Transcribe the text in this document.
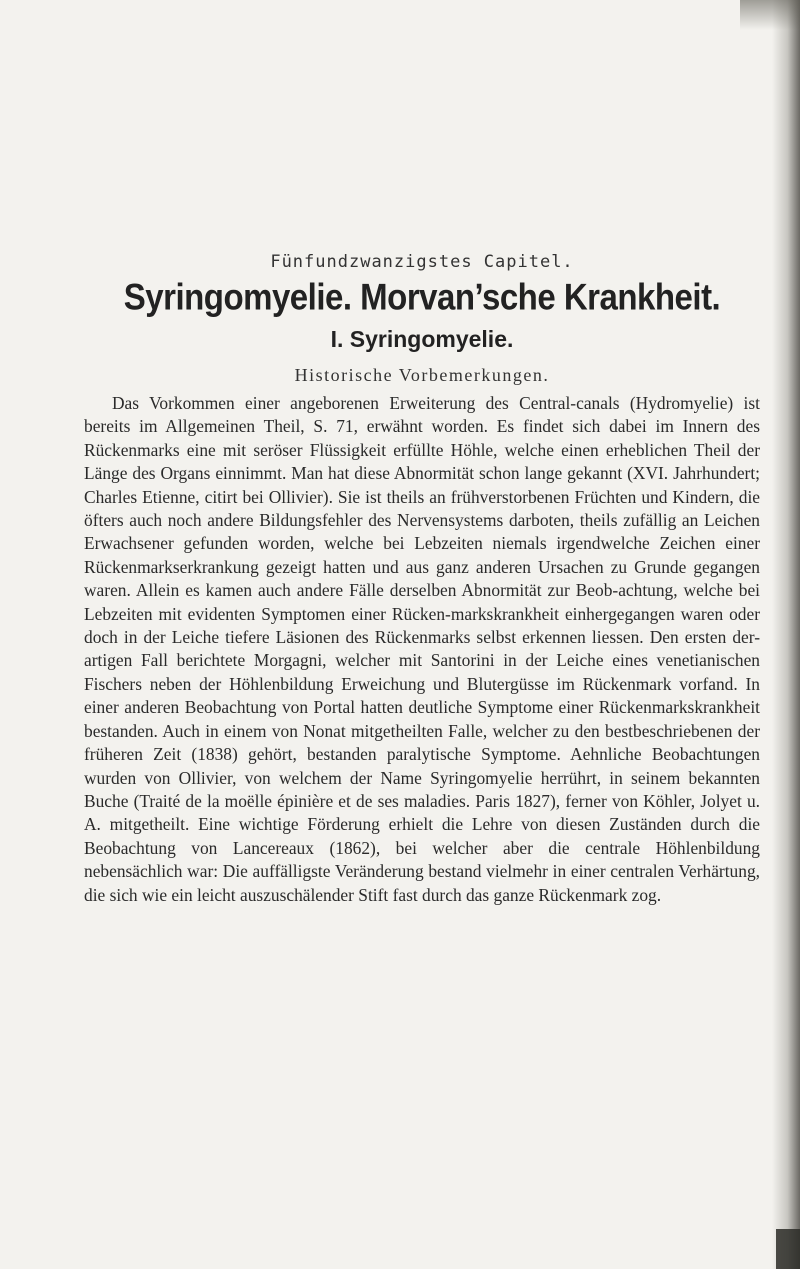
Fünfundzwanzigstes Capitel.
Syringomyelie. Morvan’sche Krankheit.
I. Syringomyelie.
Historische Vorbemerkungen.

Das Vorkommen einer angeborenen Erweiterung des Central-canals (Hydromyelie) ist bereits im Allgemeinen Theil, S. 71, erwähnt worden. Es findet sich dabei im Innern des Rückenmarks eine mit seröser Flüssigkeit erfüllte Höhle, welche einen erheblichen Theil der Länge des Organs einnimmt. Man hat diese Abnormität schon lange gekannt (XVI. Jahrhundert; Charles Etienne, citirt bei Ollivier). Sie ist theils an frühverstorbenen Früchten und Kindern, die öfters auch noch andere Bildungsfehler des Nervensystems darboten, theils zufällig an Leichen Erwachsener gefunden worden, welche bei Lebzeiten niemals irgendwelche Zeichen einer Rückenmarkserkrankung gezeigt hatten und aus ganz anderen Ursachen zu Grunde gegangen waren. Allein es kamen auch andere Fälle derselben Abnormität zur Beob-achtung, welche bei Lebzeiten mit evidenten Symptomen einer Rücken-markskrankheit einhergegangen waren oder doch in der Leiche tiefere Läsionen des Rückenmarks selbst erkennen liessen. Den ersten der-artigen Fall berichtete Morgagni, welcher mit Santorini in der Leiche eines venetianischen Fischers neben der Höhlenbildung Erweichung und Blutergüsse im Rückenmark vorfand. In einer anderen Beobachtung von Portal hatten deutliche Symptome einer Rückenmarkskrankheit bestanden. Auch in einem von Nonat mitgetheilten Falle, welcher zu den bestbeschriebenen der früheren Zeit (1838) gehört, bestanden paralytische Symptome. Aehnliche Beobachtungen wurden von Ollivier, von welchem der Name Syringomyelie herrührt, in seinem bekannten Buche (Traité de la moëlle épinière et de ses maladies. Paris 1827), ferner von Köhler, Jolyet u. A. mitgetheilt. Eine wichtige Förderung erhielt die Lehre von diesen Zuständen durch die Beobachtung von Lancereaux (1862), bei welcher aber die centrale Höhlenbildung nebensächlich war: Die auffälligste Veränderung bestand vielmehr in einer centralen Verhärtung, die sich wie ein leicht auszuschälender Stift fast durch das ganze Rückenmark zog.
